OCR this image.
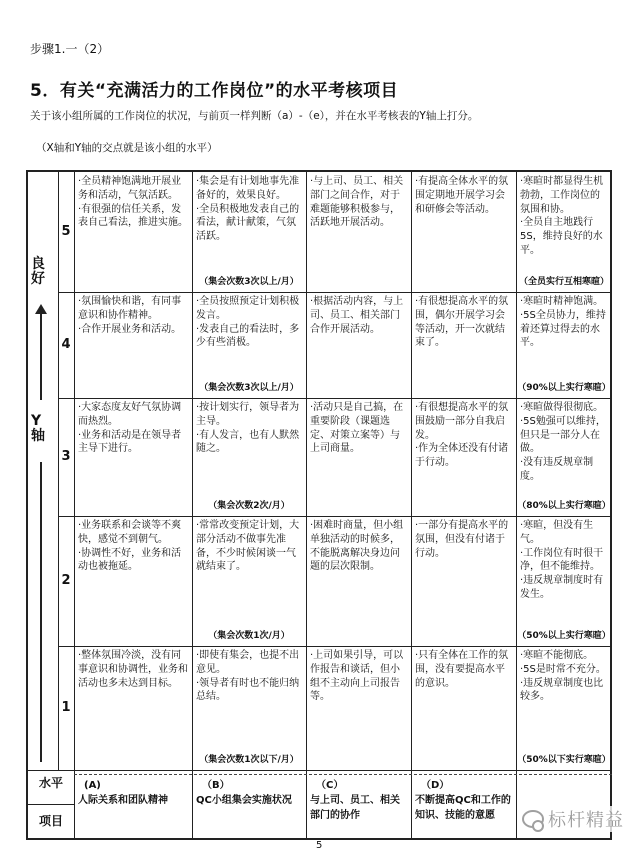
步骤1.一（2）
5．有关“充满活力的工作岗位”的水平考核项目
关于该小组所属的工作岗位的状况，与前页一样判断（a）-（e），并在水平考核表的Y轴上打分。
（X轴和Y轴的交点就是该小组的水平）
良
好
Y
轴
5

·全员精神饱满地开展业务和活动，气氛活跃。

·有很强的信任关系，发表自己看法，推进实施。

·集会是有计划地事先准备好的，效果良好。

·全员积极地发表自己的看法，献计献策，气氛活跃。

（集会次数3次以上/月）

·与上司、员工、相关部门之间合作，对于难题能够积极参与，活跃地开展活动。

·有提高全体水平的氛围定期地开展学习会和研修会等活动。

·寒暄时都显得生机勃勃，工作岗位的氛围和协。

·全员自主地践行5S，维持良好的水平。

（全员实行互相寒暄）

4

·氛围愉快和谐，有同事意识和协作精神。

·合作开展业务和活动。

·全员按照预定计划积极发言。

·发表自己的看法时，多少有些消极。

（集会次数3次以上/月）

·根据活动内容，与上司、员工、相关部门合作开展活动。

·有很想提高水平的氛围，偶尔开展学习会等活动，开一次就结束了。

·寒暄时精神饱满。

·5S全员协力，维持着还算过得去的水平。

（90%以上实行寒暄）

3

·大家态度友好气氛协调而热烈。

·业务和活动是在领导者主导下进行。

·按计划实行，领导者为主导。

·有人发言，也有人默然随之。

（集会次数2次/月）

·活动只是自己搞，在重要阶段（课题选定、对策立案等）与上司商量。

·有很想提高水平的氛围鼓励一部分自我启发。

·作为全体还没有付诸于行动。

·寒暄做得很彻底。

·5S勉强可以维持，但只是一部分人在做。

·没有违反规章制度。

（80%以上实行寒暄）

2

·业务联系和会谈等不爽快，感觉不到朝气。

·协调性不好，业务和活动也被拖延。

·常常改变预定计划，大部分活动不做事先准备，不少时候闲谈一气就结束了。

（集会次数1次/月）

·困难时商量，但小组单独活动的时候多，不能脱离解决身边问题的层次限制。

·一部分有提高水平的氛围，但没有付诸于行动。

·寒暄，但没有生气。

·工作岗位有时很干净，但不能维持。

·违反规章制度时有发生。

（50%以上实行寒暄）

1

·整体氛围冷淡，没有同事意识和协调性，业务和活动也多未达到目标。

·即使有集会，也提不出意见。

·领导者有时也不能归纳总结。

（集会次数1次以下/月）

·上司如果引导，可以作报告和谈话，但小组不主动向上司报告等。

·只有全体在工作的氛围，没有要提高水平的意识。

·寒暄不能彻底。

·5S是时常不充分。

·违反规章制度也比较多。

（50%以下实行寒暄）

水平
项目
(A)
人际关系和团队精神
（B）
QC小组集会实施状况
（C）
与上司、员工、相关部门的协作
（D）
不断提高QC和工作的知识、技能的意愿
5
标杆精益
